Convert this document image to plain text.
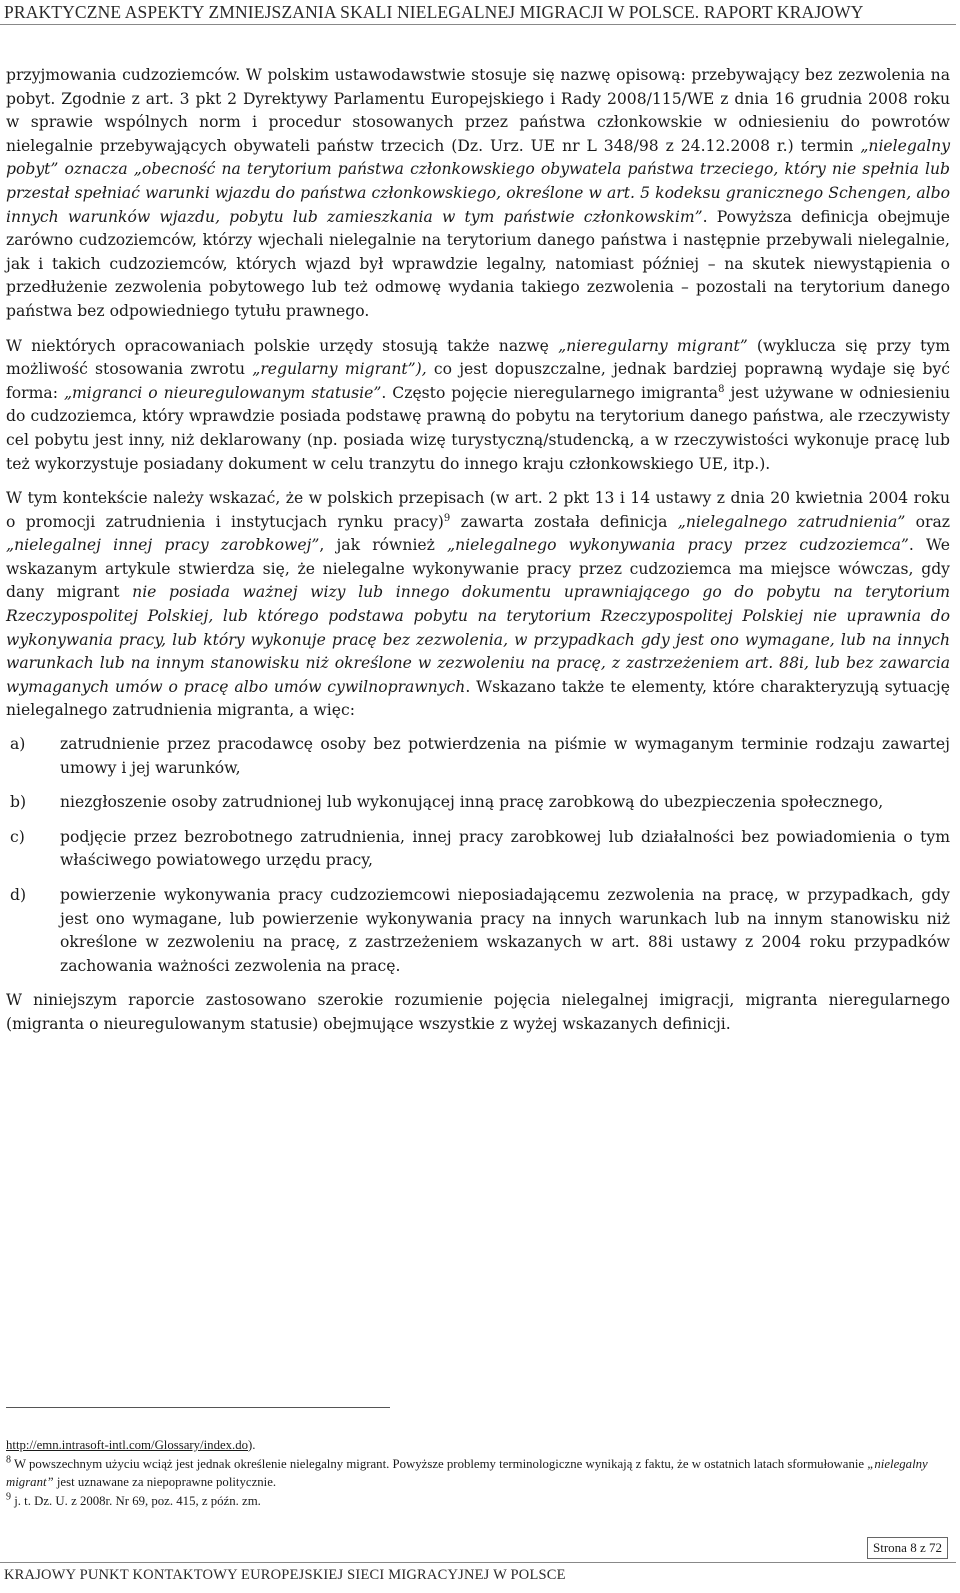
PRAKTYCZNE ASPEKTY ZMNIEJSZANIA SKALI NIELEGALNEJ MIGRACJI W POLSCE. RAPORT KRAJOWY

przyjmowania cudzoziemców. W polskim ustawodawstwie stosuje się nazwę opisową: przebywający bez zezwolenia na pobyt. Zgodnie z art. 3 pkt 2 Dyrektywy Parlamentu Europejskiego i Rady 2008/115/WE z dnia 16 grudnia 2008 roku w sprawie wspólnych norm i procedur stosowanych przez państwa członkowskie w odniesieniu do powrotów nielegalnie przebywających obywateli państw trzecich (Dz. Urz. UE nr L 348/98 z 24.12.2008 r.) termin „nielegalny pobyt” oznacza „obecność na terytorium państwa członkowskiego obywatela państwa trzeciego, który nie spełnia lub przestał spełniać warunki wjazdu do państwa członkowskiego, określone w art. 5 kodeksu granicznego Schengen, albo innych warunków wjazdu, pobytu lub zamieszkania w tym państwie członkowskim”. Powyższa definicja obejmuje zarówno cudzoziemców, którzy wjechali nielegalnie na terytorium danego państwa i następnie przebywali nielegalnie, jak i takich cudzoziemców, których wjazd był wprawdzie legalny, natomiast później – na skutek niewystąpienia o przedłużenie zezwolenia pobytowego lub też odmowę wydania takiego zezwolenia – pozostali na terytorium danego państwa bez odpowiedniego tytułu prawnego.

W niektórych opracowaniach polskie urzędy stosują także nazwę „nieregularny migrant” (wyklucza się przy tym możliwość stosowania zwrotu „regularny migrant”), co jest dopuszczalne, jednak bardziej poprawną wydaje się być forma: „migranci o nieuregulowanym statusie”. Często pojęcie nieregularnego imigranta$^8$ jest używane w odniesieniu do cudzoziemca, który wprawdzie posiada podstawę prawną do pobytu na terytorium danego państwa, ale rzeczywisty cel pobytu jest inny, niż deklarowany (np. posiada wizę turystyczną/studencką, a w rzeczywistości wykonuje pracę lub też wykorzystuje posiadany dokument w celu tranzytu do innego kraju członkowskiego UE, itp.).

W tym kontekście należy wskazać, że w polskich przepisach (w art. 2 pkt 13 i 14 ustawy z dnia 20 kwietnia 2004 roku o promocji zatrudnienia i instytucjach rynku pracy)$^9$ zawarta została definicja „nielegalnego zatrudnienia” oraz „nielegalnej innej pracy zarobkowej”, jak również „nielegalnego wykonywania pracy przez cudzoziemca”. We wskazanym artykule stwierdza się, że nielegalne wykonywanie pracy przez cudzoziemca ma miejsce wówczas, gdy dany migrant nie posiada ważnej wizy lub innego dokumentu uprawniającego go do pobytu na terytorium Rzeczypospolitej Polskiej, lub którego podstawa pobytu na terytorium Rzeczypospolitej Polskiej nie uprawnia do wykonywania pracy, lub który wykonuje pracę bez zezwolenia, w przypadkach gdy jest ono wymagane, lub na innych warunkach lub na innym stanowisku niż określone w zezwoleniu na pracę, z zastrzeżeniem art. 88i, lub bez zawarcia wymaganych umów o pracę albo umów cywilnoprawnych. Wskazano także te elementy, które charakteryzują sytuację nielegalnego zatrudnienia migranta, a więc:

a) zatrudnienie przez pracodawcę osoby bez potwierdzenia na piśmie w wymaganym terminie rodzaju zawartej umowy i jej warunków,
b) niezgłoszenie osoby zatrudnionej lub wykonującej inną pracę zarobkową do ubezpieczenia społecznego,
c) podjęcie przez bezrobotnego zatrudnienia, innej pracy zarobkowej lub działalności bez powiadomienia o tym właściwego powiatowego urzędu pracy,
d) powierzenie wykonywania pracy cudzoziemcowi nieposiadającemu zezwolenia na pracę, w przypadkach, gdy jest ono wymagane, lub powierzenie wykonywania pracy na innych warunkach lub na innym stanowisku niż określone w zezwoleniu na pracę, z zastrzeżeniem wskazanych w art. 88i ustawy z 2004 roku przypadków zachowania ważności zezwolenia na pracę.

W niniejszym raporcie zastosowano szerokie rozumienie pojęcia nielegalnej imigracji, migranta nieregularnego (migranta o nieuregulowanym statusie) obejmujące wszystkie z wyżej wskazanych definicji.

http://emn.intrasoft-intl.com/Glossary/index.do).
$^8$ W powszechnym użyciu wciąż jest jednak określenie nielegalny migrant. Powyższe problemy terminologiczne wynikają z faktu, że w ostatnich latach sformułowanie „nielegalny migrant” jest uznawane za niepoprawne politycznie.
$^9$ j. t. Dz. U. z 2008r. Nr 69, poz. 415, z późn. zm.
Strona 8 z 72
KRAJOWY PUNKT KONTAKTOWY EUROPEJSKIEJ SIECI MIGRACYJNEJ W POLSCE
